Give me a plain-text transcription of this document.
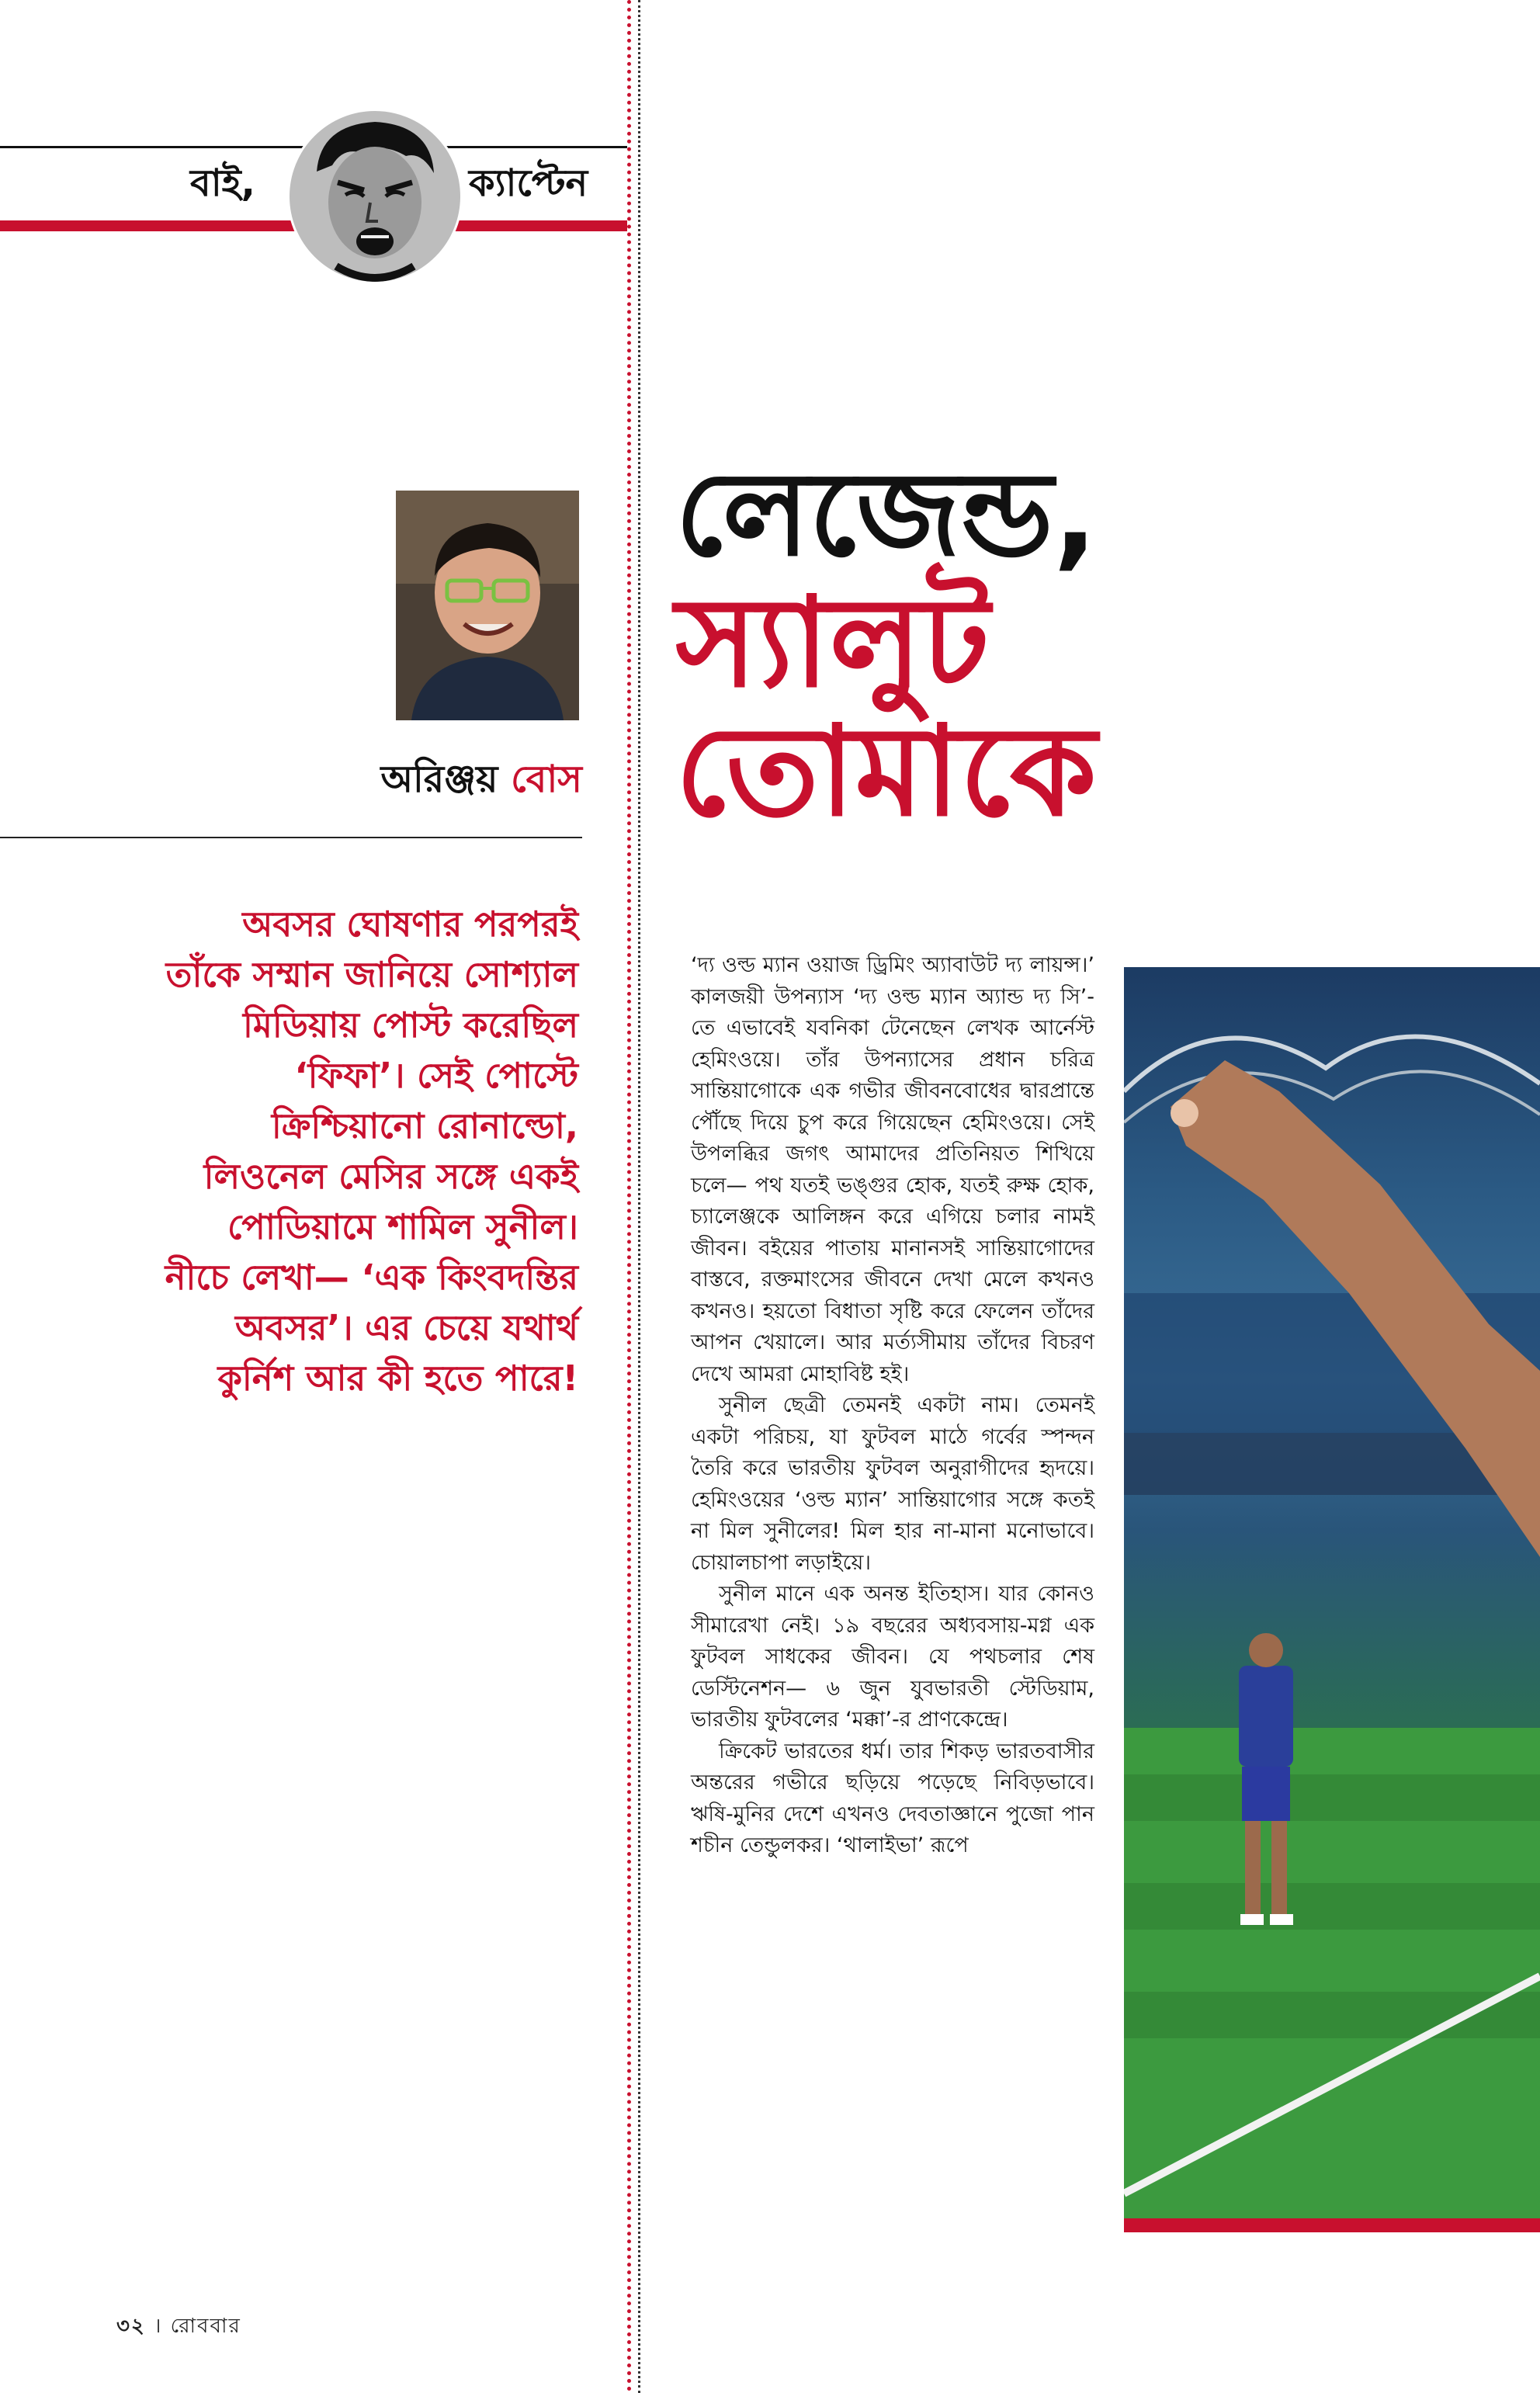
বাই,	ক্যাপ্টেন
অরিঞ্জয় বোস
অবসর ঘোষণার পরপরই
তাঁকে সম্মান জানিয়ে সোশ্যাল
মিডিয়ায় পোস্ট করেছিল
‘ফিফা’। সেই পোস্টে
ক্রিশ্চিয়ানো রোনাল্ডো,
লিওনেল মেসির সঙ্গে একই
পোডিয়ামে শামিল সুনীল।
নীচে লেখা— ‘এক কিংবদন্তির
অবসর’। এর চেয়ে যথার্থ
কুর্নিশ আর কী হতে পারে!
লেজেন্ড,
স্যালুট
তোমাকে

‘দ্য ওল্ড ম্যান ওয়াজ ড্রিমিং অ্যাবাউট দ্য লায়ন্স।’ কালজয়ী উপন্যাস ‘দ্য ওল্ড ম্যান অ্যান্ড দ্য সি’-তে এভাবেই যবনিকা টেনেছেন লেখক আর্নেস্ট হেমিংওয়ে। তাঁর উপন্যাসের প্রধান চরিত্র সান্তিয়াগোকে এক গভীর জীবনবোধের দ্বারপ্রান্তে পৌঁছে দিয়ে চুপ করে গিয়েছেন হেমিংওয়ে। সেই উপলব্ধির জগৎ আমাদের প্রতিনিয়ত শিখিয়ে চলে— পথ যতই ভঙ্গুর হোক, যতই রুক্ষ হোক, চ্যালেঞ্জকে আলিঙ্গন করে এগিয়ে চলার নামই জীবন। বইয়ের পাতায় মানানসই সান্তিয়াগোদের বাস্তবে, রক্তমাংসের জীবনে দেখা মেলে কখনও কখনও। হয়তো বিধাতা সৃষ্টি করে ফেলেন তাঁদের আপন খেয়ালে। আর মর্ত্যসীমায় তাঁদের বিচরণ দেখে আমরা মোহাবিষ্ট হই।

সুনীল ছেত্রী তেমনই একটা নাম। তেমনই একটা পরিচয়, যা ফুটবল মাঠে গর্বের স্পন্দন তৈরি করে ভারতীয় ফুটবল অনুরাগীদের হৃদয়ে। হেমিংওয়ের ‘ওল্ড ম্যান’ সান্তিয়াগোর সঙ্গে কতই না মিল সুনীলের! মিল হার না-মানা মনোভাবে। চোয়ালচাপা লড়াইয়ে।

সুনীল মানে এক অনন্ত ইতিহাস। যার কোনও সীমারেখা নেই। ১৯ বছরের অধ্যবসায়-মগ্ন এক ফুটবল সাধকের জীবন। যে পথচলার শেষ ডেস্টিনেশন— ৬ জুন যুবভারতী স্টেডিয়াম, ভারতীয় ফুটবলের ‘মক্কা’-র প্রাণকেন্দ্রে।

ক্রিকেট ভারতের ধর্ম। তার শিকড় ভারতবাসীর অন্তরের গভীরে ছড়িয়ে পড়েছে নিবিড়ভাবে। ঋষি-মুনির দেশে এখনও দেবতাজ্ঞানে পুজো পান শচীন তেন্ডুলকর। ‘থালাইভা’ রূপে

৩২ । রোববার
